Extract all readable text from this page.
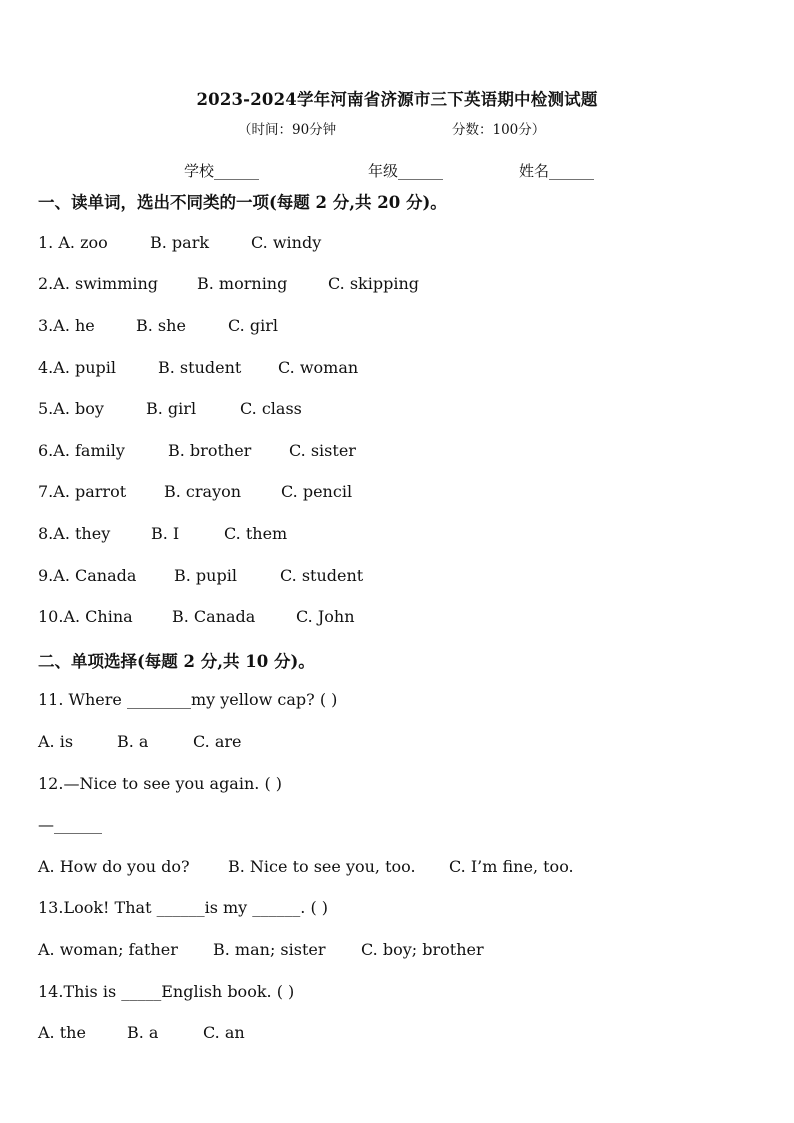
2023-2024学年河南省济源市三下英语期中检测试题
（时间：90分钟	分数：100分）
学校______	年级______	姓名______
一、读单词，选出不同类的一项(每题 2 分,共 20 分)。
1. A. zoo	B. park	C. windy
2.A. swimming B. morning	C. skipping
3.A. he	B. she	C. girl
4.A. pupil	B. student C. woman
5.A. boy	B. girl	C. class
6.A. family	B. brother C. sister
7.A. parrot B. crayon C. pencil
8.A. they	B. I	C. them
9.A. Canada B. pupil	C. student
10.A. China B. Canada	C. John
二、单项选择(每题 2 分,共 10 分)。
11. Where ________my yellow cap? ( )
A. is	B. a	C. are
12.—Nice to see you again. ( )
—______
A. How do you do? B. Nice to see you, too. C. I’m fine, too.
13.Look! That ______is my ______. ( )
A. woman; father B. man; sister C. boy; brother
14.This is _____English book. ( )
A. the	B. a	C. an
